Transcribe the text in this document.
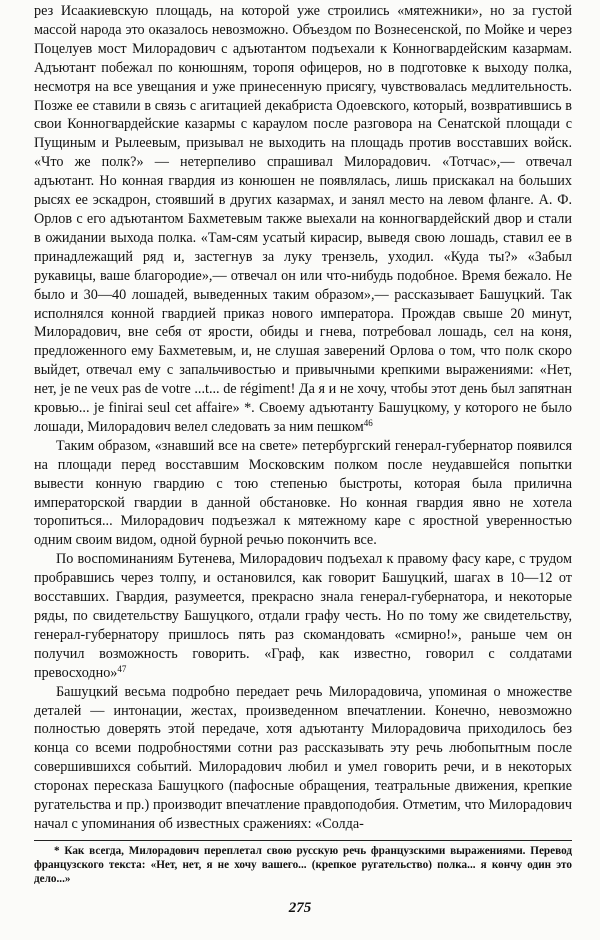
рез Исаакиевскую площадь, на которой уже строились «мятежники», но за густой массой народа это оказалось невозможно. Объездом по Вознесенской, по Мойке и через Поцелуев мост Милорадович с адъютантом подъехали к Конногвардейским казармам. Адъютант побежал по конюшням, торопя офицеров, но в подготовке к выходу полка, несмотря на все увещания и уже принесенную присягу, чувствовалась медлительность. Позже ее ставили в связь с агитацией декабриста Одоевского, который, возвратившись в свои Конногвардейские казармы с караулом после разговора на Сенатской площади с Пущиным и Рылеевым, призывал не выходить на площадь против восставших войск. «Что же полк?» — нетерпеливо спрашивал Милорадович. «Тотчас»,— отвечал адъютант. Но конная гвардия из конюшен не появлялась, лишь прискакал на больших рысях ее эскадрон, стоявший в других казармах, и занял место на левом фланге. А. Ф. Орлов с его адъютантом Бахметевым также выехали на конногвардейский двор и стали в ожидании выхода полка. «Там-сям усатый кирасир, выведя свою лошадь, ставил ее в принадлежащий ряд и, застегнув за луку трензель, уходил. «Куда ты?» «Забыл рукавицы, ваше благородие»,— отвечал он или что-нибудь подобное. Время бежало. Не было и 30—40 лошадей, выведенных таким образом»,— рассказывает Башуцкий. Так исполнялся конной гвардией приказ нового императора. Прождав свыше 20 минут, Милорадович, вне себя от ярости, обиды и гнева, потребовал лошадь, сел на коня, предложенного ему Бахметевым, и, не слушая заверений Орлова о том, что полк скоро выйдет, отвечал ему с запальчивостью и привычными крепкими выражениями: «Нет, нет, je ne veux pas de votre ...t... de régiment! Да я и не хочу, чтобы этот день был запятнан кровью... je finirai seul cet affaire» *. Своему адъютанту Башуцкому, у которого не было лошади, Милорадович велел следовать за ним пешком$^{46}$

Таким образом, «знавший все на свете» петербургский генерал-губернатор появился на площади перед восставшим Московским полком после неудавшейся попытки вывести конную гвардию с тою степенью быстроты, которая была прилична императорской гвардии в данной обстановке. Но конная гвардия явно не хотела торопиться... Милорадович подъезжал к мятежному каре с яростной уверенностью одним своим видом, одной бурной речью покончить все.

По воспоминаниям Бутенева, Милорадович подъехал к правому фасу каре, с трудом пробравшись через толпу, и остановился, как говорит Башуцкий, шагах в 10—12 от восставших. Гвардия, разумеется, прекрасно знала генерал-губернатора, и некоторые ряды, по свидетельству Башуцкого, отдали графу честь. Но по тому же свидетельству, генерал-губернатору пришлось пять раз скомандовать «смирно!», раньше чем он получил возможность говорить. «Граф, как известно, говорил с солдатами превосходно»$^{47}$

Башуцкий весьма подробно передает речь Милорадовича, упоминая о множестве деталей — интонации, жестах, произведенном впечатлении. Конечно, невозможно полностью доверять этой передаче, хотя адъютанту Милорадовича приходилось без конца со всеми подробностями сотни раз рассказывать эту речь любопытным после совершившихся событий. Милорадович любил и умел говорить речи, и в некоторых сторонах пересказа Башуцкого (пафосные обращения, театральные движения, крепкие ругательства и пр.) производит впечатление правдоподобия. Отметим, что Милорадович начал с упоминания об известных сражениях: «Солда-

* Как всегда, Милорадович переплетал свою русскую речь французскими выражениями. Перевод французского текста: «Нет, нет, я не хочу вашего... (крепкое ругательство) полка... я кончу один это дело...»
275
